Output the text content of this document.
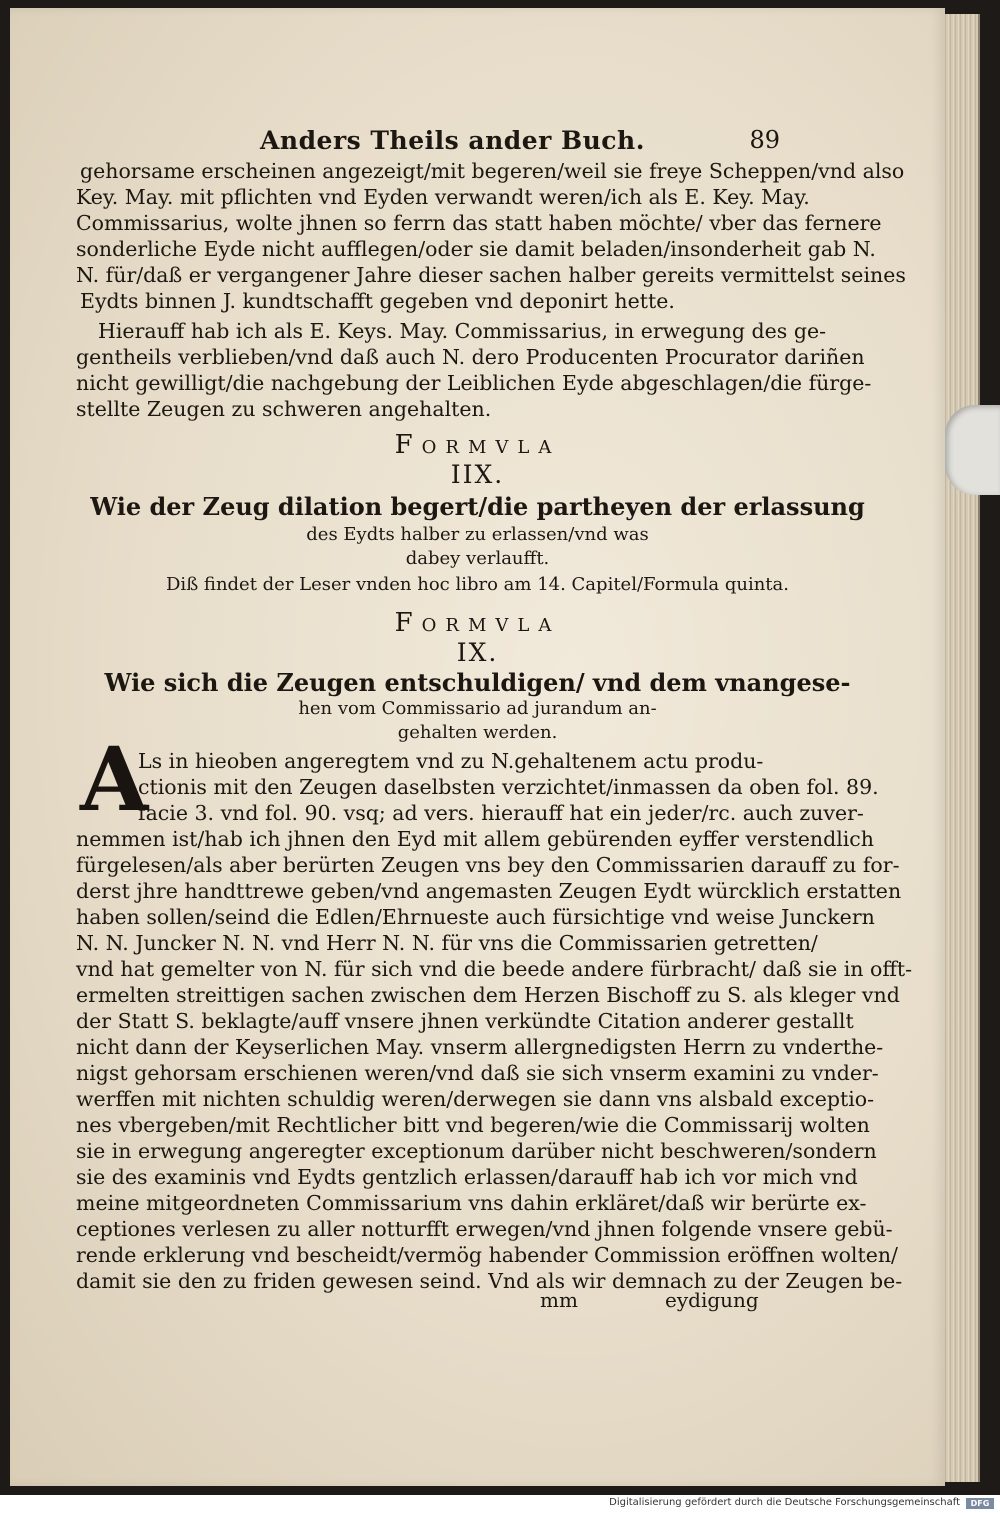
Anders Theils ander Buch.	89
gehorsame erscheinen angezeigt/mit begeren/weil sie freye Scheppen/vnd also
Key. May. mit pflichten vnd Eyden verwandt weren/ich als E. Key. May.
Commissarius, wolte jhnen so ferrn das statt haben möchte/ vber das fernere
sonderliche Eyde nicht aufflegen/oder sie damit beladen/insonderheit gab N.
N. für/daß er vergangener Jahre dieser sachen halber gereits vermittelst seines
Eydts binnen J. kundtschafft gegeben vnd deponirt hette.
Hierauff hab ich als E. Keys. May. Commissarius, in erwegung des ge-
gentheils verblieben/vnd daß auch N. dero Producenten Procurator dariñen
nicht gewilligt/die nachgebung der Leiblichen Eyde abgeschlagen/die fürge-
stellte Zeugen zu schweren angehalten.
Formvla
IIX.
Wie der Zeug dilation begert/die partheyen der erlassung
des Eydts halber zu erlassen/vnd was
dabey verlaufft.
Diß findet der Leser vnden hoc libro am 14. Capitel/Formula quinta.
Formvla
IX.
Wie sich die Zeugen entschuldigen/ vnd dem vnangese-
hen vom Commissario ad jurandum an-
gehalten werden.
A
Ls in hieoben angeregtem vnd zu N.gehaltenem actu produ-
ctionis mit den Zeugen daselbsten verzichtet/inmassen da oben fol. 89.
facie 3. vnd fol. 90. vsq; ad vers. hierauff hat ein jeder/rc. auch zuver-
nemmen ist/hab ich jhnen den Eyd mit allem gebürenden eyffer verstendlich
fürgelesen/als aber berürten Zeugen vns bey den Commissarien darauff zu for-
derst jhre handttrewe geben/vnd angemasten Zeugen Eydt würcklich erstatten
haben sollen/seind die Edlen/Ehrnueste auch fürsichtige vnd weise Junckern
N. N. Juncker N. N. vnd Herr N. N. für vns die Commissarien getretten/
vnd hat gemelter von N. für sich vnd die beede andere fürbracht/ daß sie in offt-
ermelten streittigen sachen zwischen dem Herzen Bischoff zu S. als kleger vnd
der Statt S. beklagte/auff vnsere jhnen verkündte Citation anderer gestallt
nicht dann der Keyserlichen May. vnserm allergnedigsten Herrn zu vnderthe-
nigst gehorsam erschienen weren/vnd daß sie sich vnserm examini zu vnder-
werffen mit nichten schuldig weren/derwegen sie dann vns alsbald exceptio-
nes vbergeben/mit Rechtlicher bitt vnd begeren/wie die Commissarij wolten
sie in erwegung angeregter exceptionum darüber nicht beschweren/sondern
sie des examinis vnd Eydts gentzlich erlassen/darauff hab ich vor mich vnd
meine mitgeordneten Commissarium vns dahin erkläret/daß wir berürte ex-
ceptiones verlesen zu aller notturfft erwegen/vnd jhnen folgende vnsere gebü-
rende erklerung vnd bescheidt/vermög habender Commission eröffnen wolten/
damit sie den zu friden gewesen seind. Vnd als wir demnach zu der Zeugen be-
mm	eydigung
Digitalisierung gefördert durch die Deutsche Forschungsgemeinschaft	DFG
